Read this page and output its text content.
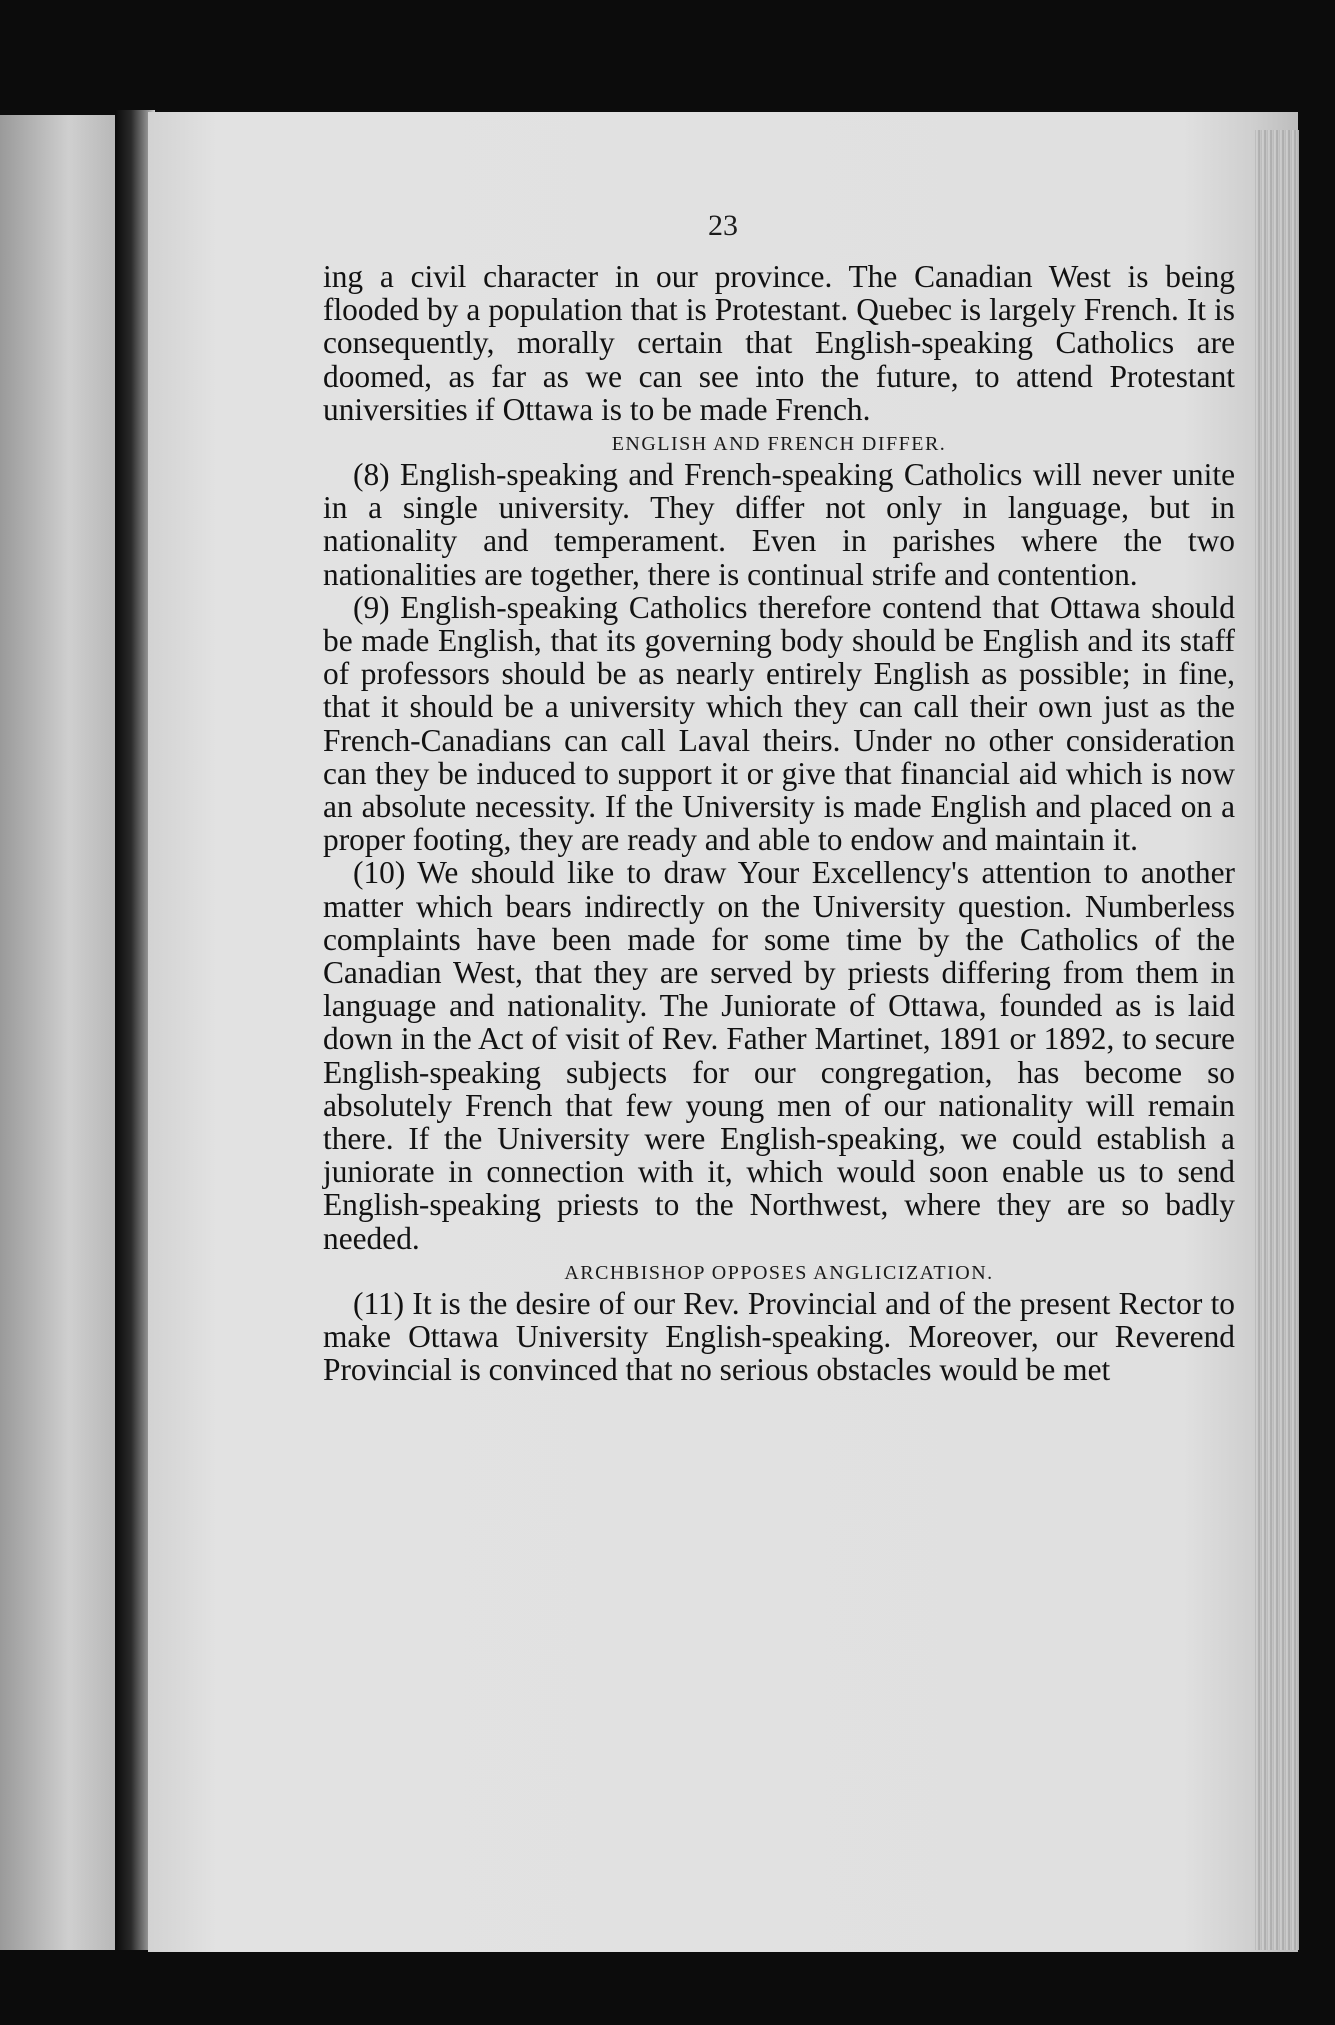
23

ing a civil character in our province. The Canadian West is being flooded by a population that is Protestant. Quebec is largely French. It is consequently, morally certain that English-speaking Catholics are doomed, as far as we can see into the future, to attend Protestant universities if Ottawa is to be made French.

ENGLISH AND FRENCH DIFFER.

(8) English-speaking and French-speaking Catholics will never unite in a single university. They differ not only in language, but in nationality and temperament. Even in parishes where the two nationalities are together, there is continual strife and contention.

(9) English-speaking Catholics therefore contend that Ottawa should be made English, that its governing body should be English and its staff of professors should be as nearly entirely English as possible; in fine, that it should be a university which they can call their own just as the French-Canadians can call Laval theirs. Under no other consideration can they be induced to support it or give that financial aid which is now an absolute necessity. If the University is made English and placed on a proper footing, they are ready and able to endow and maintain it.

(10) We should like to draw Your Excellency's attention to another matter which bears indirectly on the University question. Numberless complaints have been made for some time by the Catholics of the Canadian West, that they are served by priests differing from them in language and nationality. The Juniorate of Ottawa, founded as is laid down in the Act of visit of Rev. Father Martinet, 1891 or 1892, to secure English-speaking subjects for our congregation, has become so absolutely French that few young men of our nationality will remain there. If the University were English-speaking, we could establish a juniorate in connection with it, which would soon enable us to send English-speaking priests to the Northwest, where they are so badly needed.

ARCHBISHOP OPPOSES ANGLICIZATION.

(11) It is the desire of our Rev. Provincial and of the present Rector to make Ottawa University English-speaking. Moreover, our Reverend Provincial is convinced that no serious obstacles would be met
